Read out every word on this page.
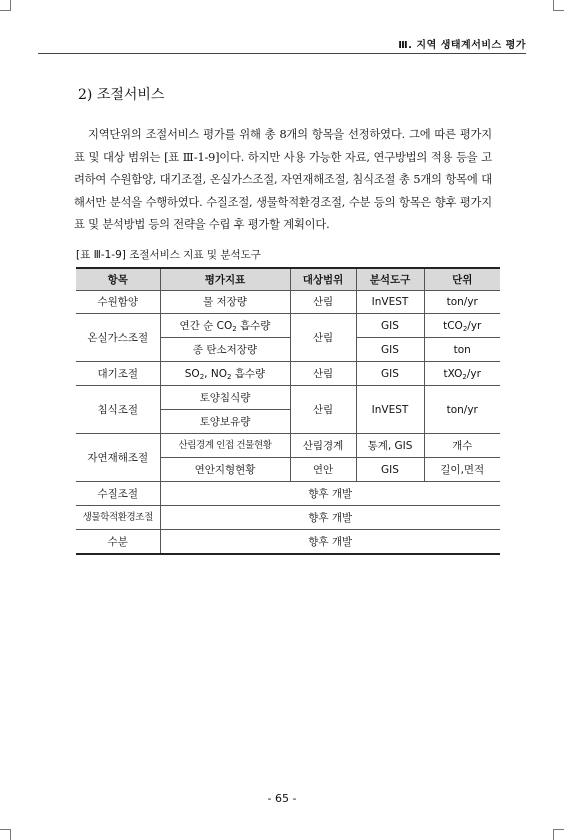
Ⅲ. 지역 생태계서비스 평가
2) 조절서비스

지역단위의 조절서비스 평가를 위해 총 8개의 항목을 선정하였다. 그에 따른 평가지표 및 대상 범위는 [표 Ⅲ-1-9]이다. 하지만 사용 가능한 자료, 연구방법의 적용 등을 고려하여 수원함양, 대기조절, 온실가스조절, 자연재해조절, 침식조절 총 5개의 항목에 대해서만 분석을 수행하였다. 수질조절, 생물학적환경조절, 수분 등의 항목은 향후 평가지표 및 분석방법 등의 전략을 수립 후 평가할 계획이다.

[표 Ⅲ-1-9] 조절서비스 지표 및 분석도구
항목	평가지표	대상범위	분석도구	단위
수원함양	물 저장량	산림	InVEST	ton/yr
온실가스조절	연간 순 $CO_2$ 흡수량	산림	GIS	tCO$_2$/yr
	종 탄소저장량		GIS	ton
대기조절	$SO_2$, $NO_2$ 흡수량	산림	GIS	tXO$_2$/yr
침식조절	토양침식량	산림	InVEST	ton/yr
	토양보유량			
자연재해조절	산림경계 인접 건물현황	산림경계	통계, GIS	개수
	연안지형현황	연안	GIS	길이,면적
수질조절	향후 개발			
생물학적환경조절	향후 개발			
수분	향후 개발			
- 65 -
